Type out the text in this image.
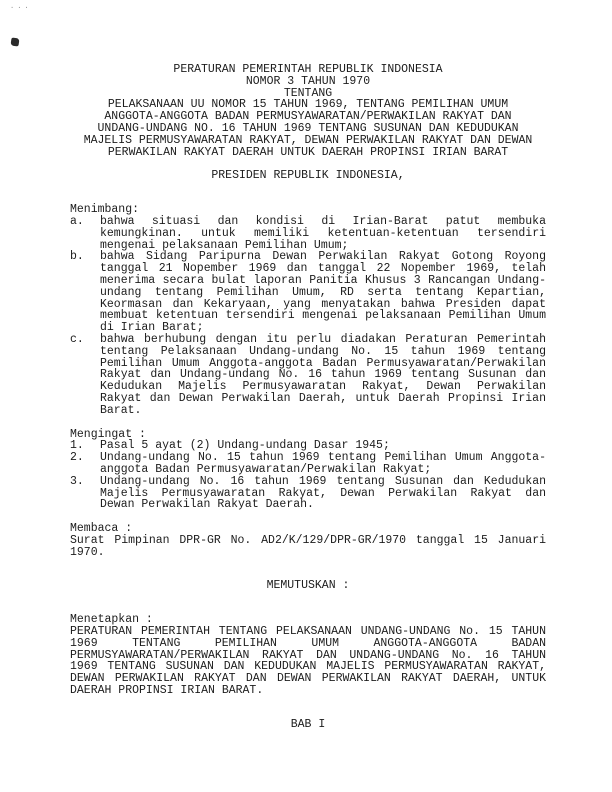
...
PERATURAN PEMERINTAH REPUBLIK INDONESIA
NOMOR 3 TAHUN 1970
TENTANG
PELAKSANAAN UU NOMOR 15 TAHUN 1969, TENTANG PEMILIHAN UMUM
ANGGOTA-ANGGOTA BADAN PERMUSYAWARATAN/PERWAKILAN RAKYAT DAN
UNDANG-UNDANG NO. 16 TAHUN 1969 TENTANG SUSUNAN DAN KEDUDUKAN
MAJELIS PERMUSYAWARATAN RAKYAT, DEWAN PERWAKILAN RAKYAT DAN DEWAN
PERWAKILAN RAKYAT DAERAH UNTUK DAERAH PROPINSI IRIAN BARAT
PRESIDEN REPUBLIK INDONESIA,
Menimbang:
a.	bahwa situasi dan kondisi di Irian-Barat patut membuka kemungkinan. untuk memiliki ketentuan-ketentuan tersendiri mengenai pelaksanaan Pemilihan Umum;
b.	bahwa Sidang Paripurna Dewan Perwakilan Rakyat Gotong Royong tanggal 21 Nopember 1969 dan tanggal 22 Nopember 1969, telah menerima secara bulat laporan Panitia Khusus 3 Rancangan Undang-undang tentang Pemilihan Umum, RD serta tentang Kepartian, Keormasan dan Kekaryaan, yang menyatakan bahwa Presiden dapat membuat ketentuan tersendiri mengenai pelaksanaan Pemilihan Umum di Irian Barat;
c.	bahwa berhubung dengan itu perlu diadakan Peraturan Pemerintah tentang Pelaksanaan Undang-undang No. 15 tahun 1969 tentang Pemilihan Umum Anggota-anggota Badan Permusyawaratan/Perwakilan Rakyat dan Undang-undang No. 16 tahun 1969 tentang Susunan dan Kedudukan Majelis Permusyawaratan Rakyat, Dewan Perwakilan Rakyat dan Dewan Perwakilan Daerah, untuk Daerah Propinsi Irian Barat.
Mengingat :
1.	Pasal 5 ayat (2) Undang-undang Dasar 1945;
2.	Undang-undang No. 15 tahun 1969 tentang Pemilihan Umum Anggota-anggota Badan Permusyawaratan/Perwakilan Rakyat;
3.	Undang-undang No. 16 tahun 1969 tentang Susunan dan Kedudukan Majelis Permusyawaratan Rakyat, Dewan Perwakilan Rakyat dan Dewan Perwakilan Rakyat Daerah.
Membaca :
Surat Pimpinan DPR-GR No. AD2/K/129/DPR-GR/1970 tanggal 15 Januari 1970.
MEMUTUSKAN :
Menetapkan :
PERATURAN PEMERINTAH TENTANG PELAKSANAAN UNDANG-UNDANG No. 15 TAHUN 1969 TENTANG PEMILIHAN UMUM ANGGOTA-ANGGOTA BADAN PERMUSYAWARATAN/PERWAKILAN RAKYAT DAN UNDANG-UNDANG No. 16 TAHUN 1969 TENTANG SUSUNAN DAN KEDUDUKAN MAJELIS PERMUSYAWARATAN RAKYAT, DEWAN PERWAKILAN RAKYAT DAN DEWAN PERWAKILAN RAKYAT DAERAH, UNTUK DAERAH PROPINSI IRIAN BARAT.
BAB I
